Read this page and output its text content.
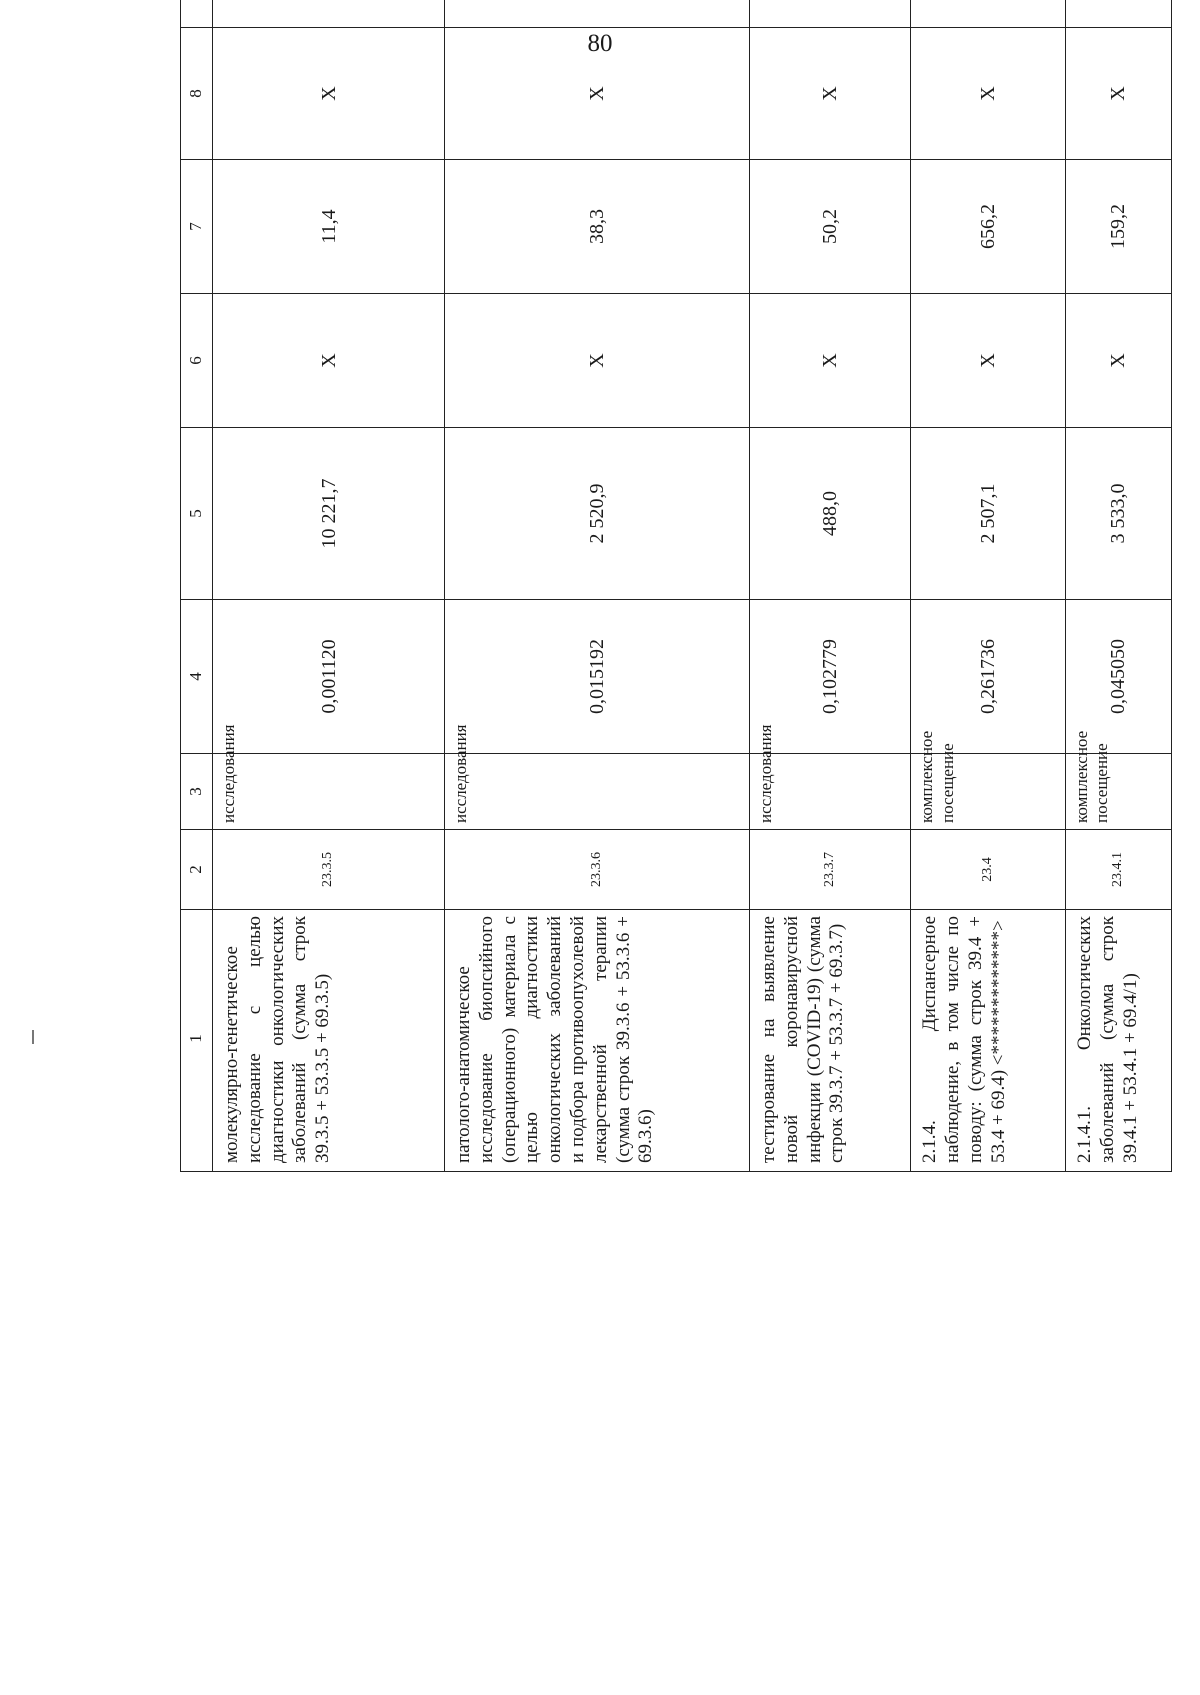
80
1	2	3	4	5	6	7	8		
молекулярно-генетическое исследование с целью диагностики онкологических заболеваний (сумма строк 39.3.5 + 53.3.5 + 69.3.5)	23.3.5	исследования	0,001120	10 221,7	X	11,4	X		
патолого-анатомическое исследование биопсийного (операционного) материала с целью диагностики онкологических заболеваний и подбора противоопухолевой лекарственной терапии (сумма строк 39.3.6 + 53.3.6 + 69.3.6)	23.3.6	исследования	0,015192	2 520,9	X	38,3	X		
тестирование на выявление новой коронавирусной инфекции (COVID-19) (сумма строк 39.3.7 + 53.3.7 + 69.3.7)	23.3.7	исследования	0,102779	488,0	X	50,2	X		
2.1.4. Диспансерное наблюдение, в том числе по поводу: (сумма строк 39.4 + 53.4 + 69.4) <*************>	23.4	комплексное посещение	0,261736	2 507,1	X	656,2	X		
2.1.4.1. Онкологических заболеваний (сумма строк 39.4.1 + 53.4.1 + 69.4/1)	23.4.1	комплексное посещение	0,045050	3 533,0	X	159,2	X		
